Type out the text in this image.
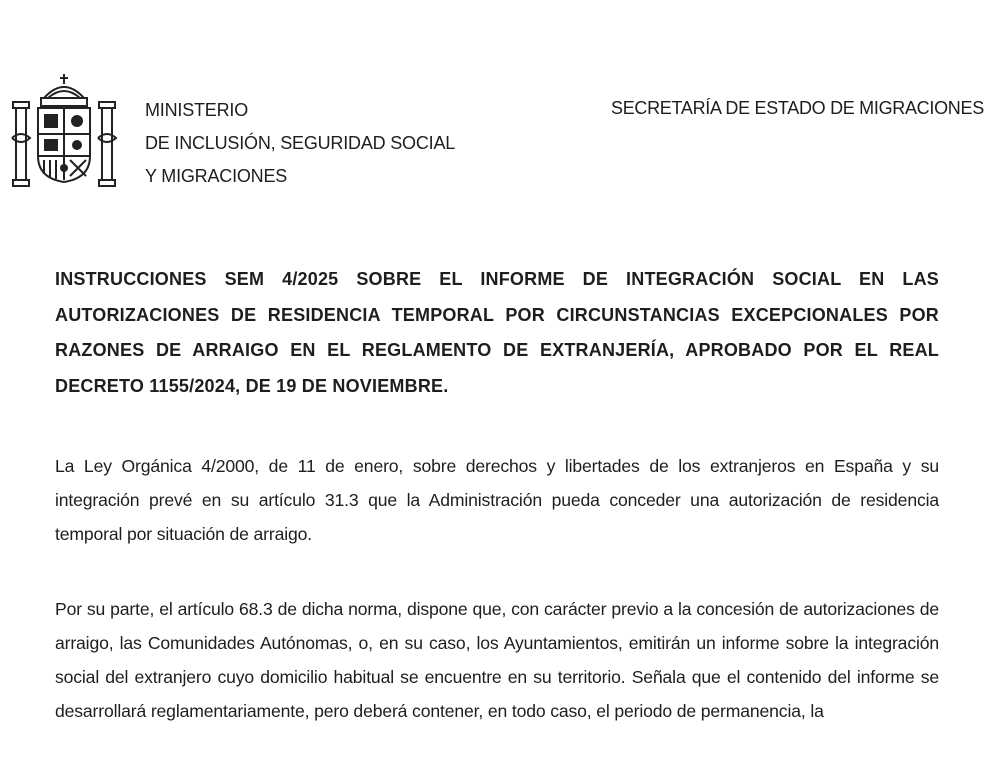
MINISTERIO
DE INCLUSIÓN, SEGURIDAD SOCIAL
Y MIGRACIONES
SECRETARÍA DE ESTADO DE MIGRACIONES
INSTRUCCIONES SEM 4/2025 SOBRE EL INFORME DE INTEGRACIÓN SOCIAL EN LAS AUTORIZACIONES DE RESIDENCIA TEMPORAL POR CIRCUNSTANCIAS EXCEPCIONALES POR RAZONES DE ARRAIGO EN EL REGLAMENTO DE EXTRANJERÍA, APROBADO POR EL REAL DECRETO 1155/2024, DE 19 DE NOVIEMBRE.
La Ley Orgánica 4/2000, de 11 de enero, sobre derechos y libertades de los extranjeros en España y su integración prevé en su artículo 31.3 que la Administración pueda conceder una autorización de residencia temporal por situación de arraigo.
Por su parte, el artículo 68.3 de dicha norma, dispone que, con carácter previo a la concesión de autorizaciones de arraigo, las Comunidades Autónomas, o, en su caso, los Ayuntamientos, emitirán un informe sobre la integración social del extranjero cuyo domicilio habitual se encuentre en su territorio. Señala que el contenido del informe se desarrollará reglamentariamente, pero deberá contener, en todo caso, el periodo de permanencia, la
